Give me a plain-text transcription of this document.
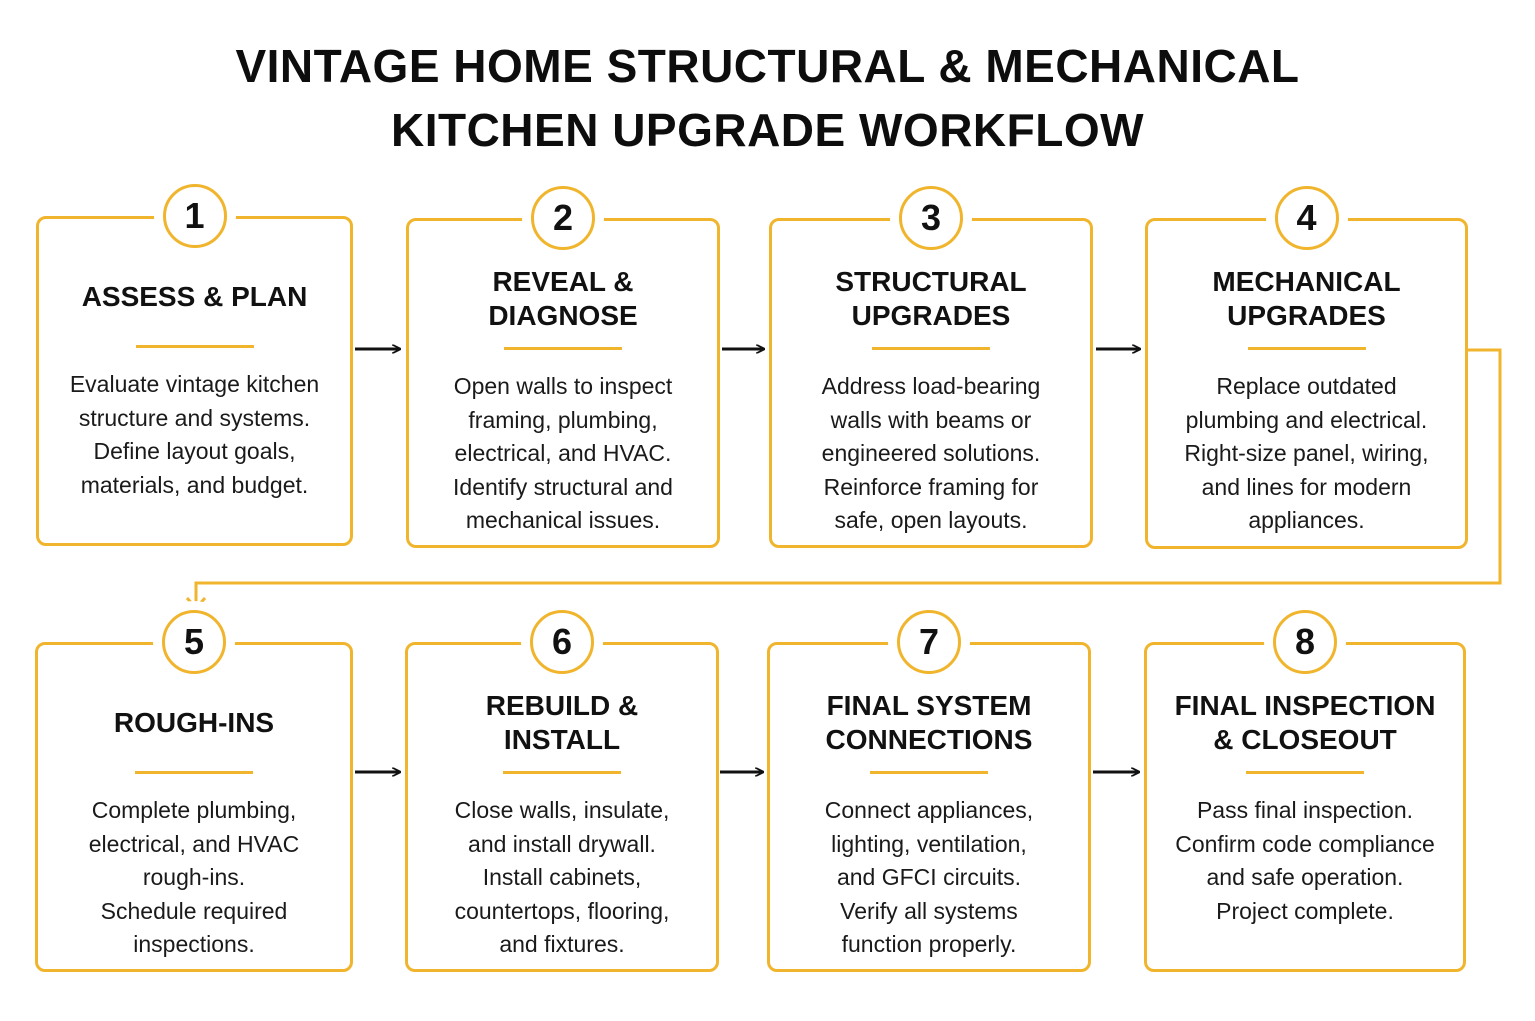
VINTAGE HOME STRUCTURAL & MECHANICAL
KITCHEN UPGRADE WORKFLOW
1
ASSESS & PLAN
Evaluate vintage kitchen
structure and systems.
Define layout goals,
materials, and budget.
2
REVEAL &
DIAGNOSE
Open walls to inspect
framing, plumbing,
electrical, and HVAC.
Identify structural and
mechanical issues.
3
STRUCTURAL
UPGRADES
Address load-bearing
walls with beams or
engineered solutions.
Reinforce framing for
safe, open layouts.
4
MECHANICAL
UPGRADES
Replace outdated
plumbing and electrical.
Right-size panel, wiring,
and lines for modern
appliances.
5
ROUGH-INS
Complete plumbing,
electrical, and HVAC
rough-ins.
Schedule required
inspections.
6
REBUILD &
INSTALL
Close walls, insulate,
and install drywall.
Install cabinets,
countertops, flooring,
and fixtures.
7
FINAL SYSTEM
CONNECTIONS
Connect appliances,
lighting, ventilation,
and GFCI circuits.
Verify all systems
function properly.
8
FINAL INSPECTION
& CLOSEOUT
Pass final inspection.
Confirm code compliance
and safe operation.
Project complete.
